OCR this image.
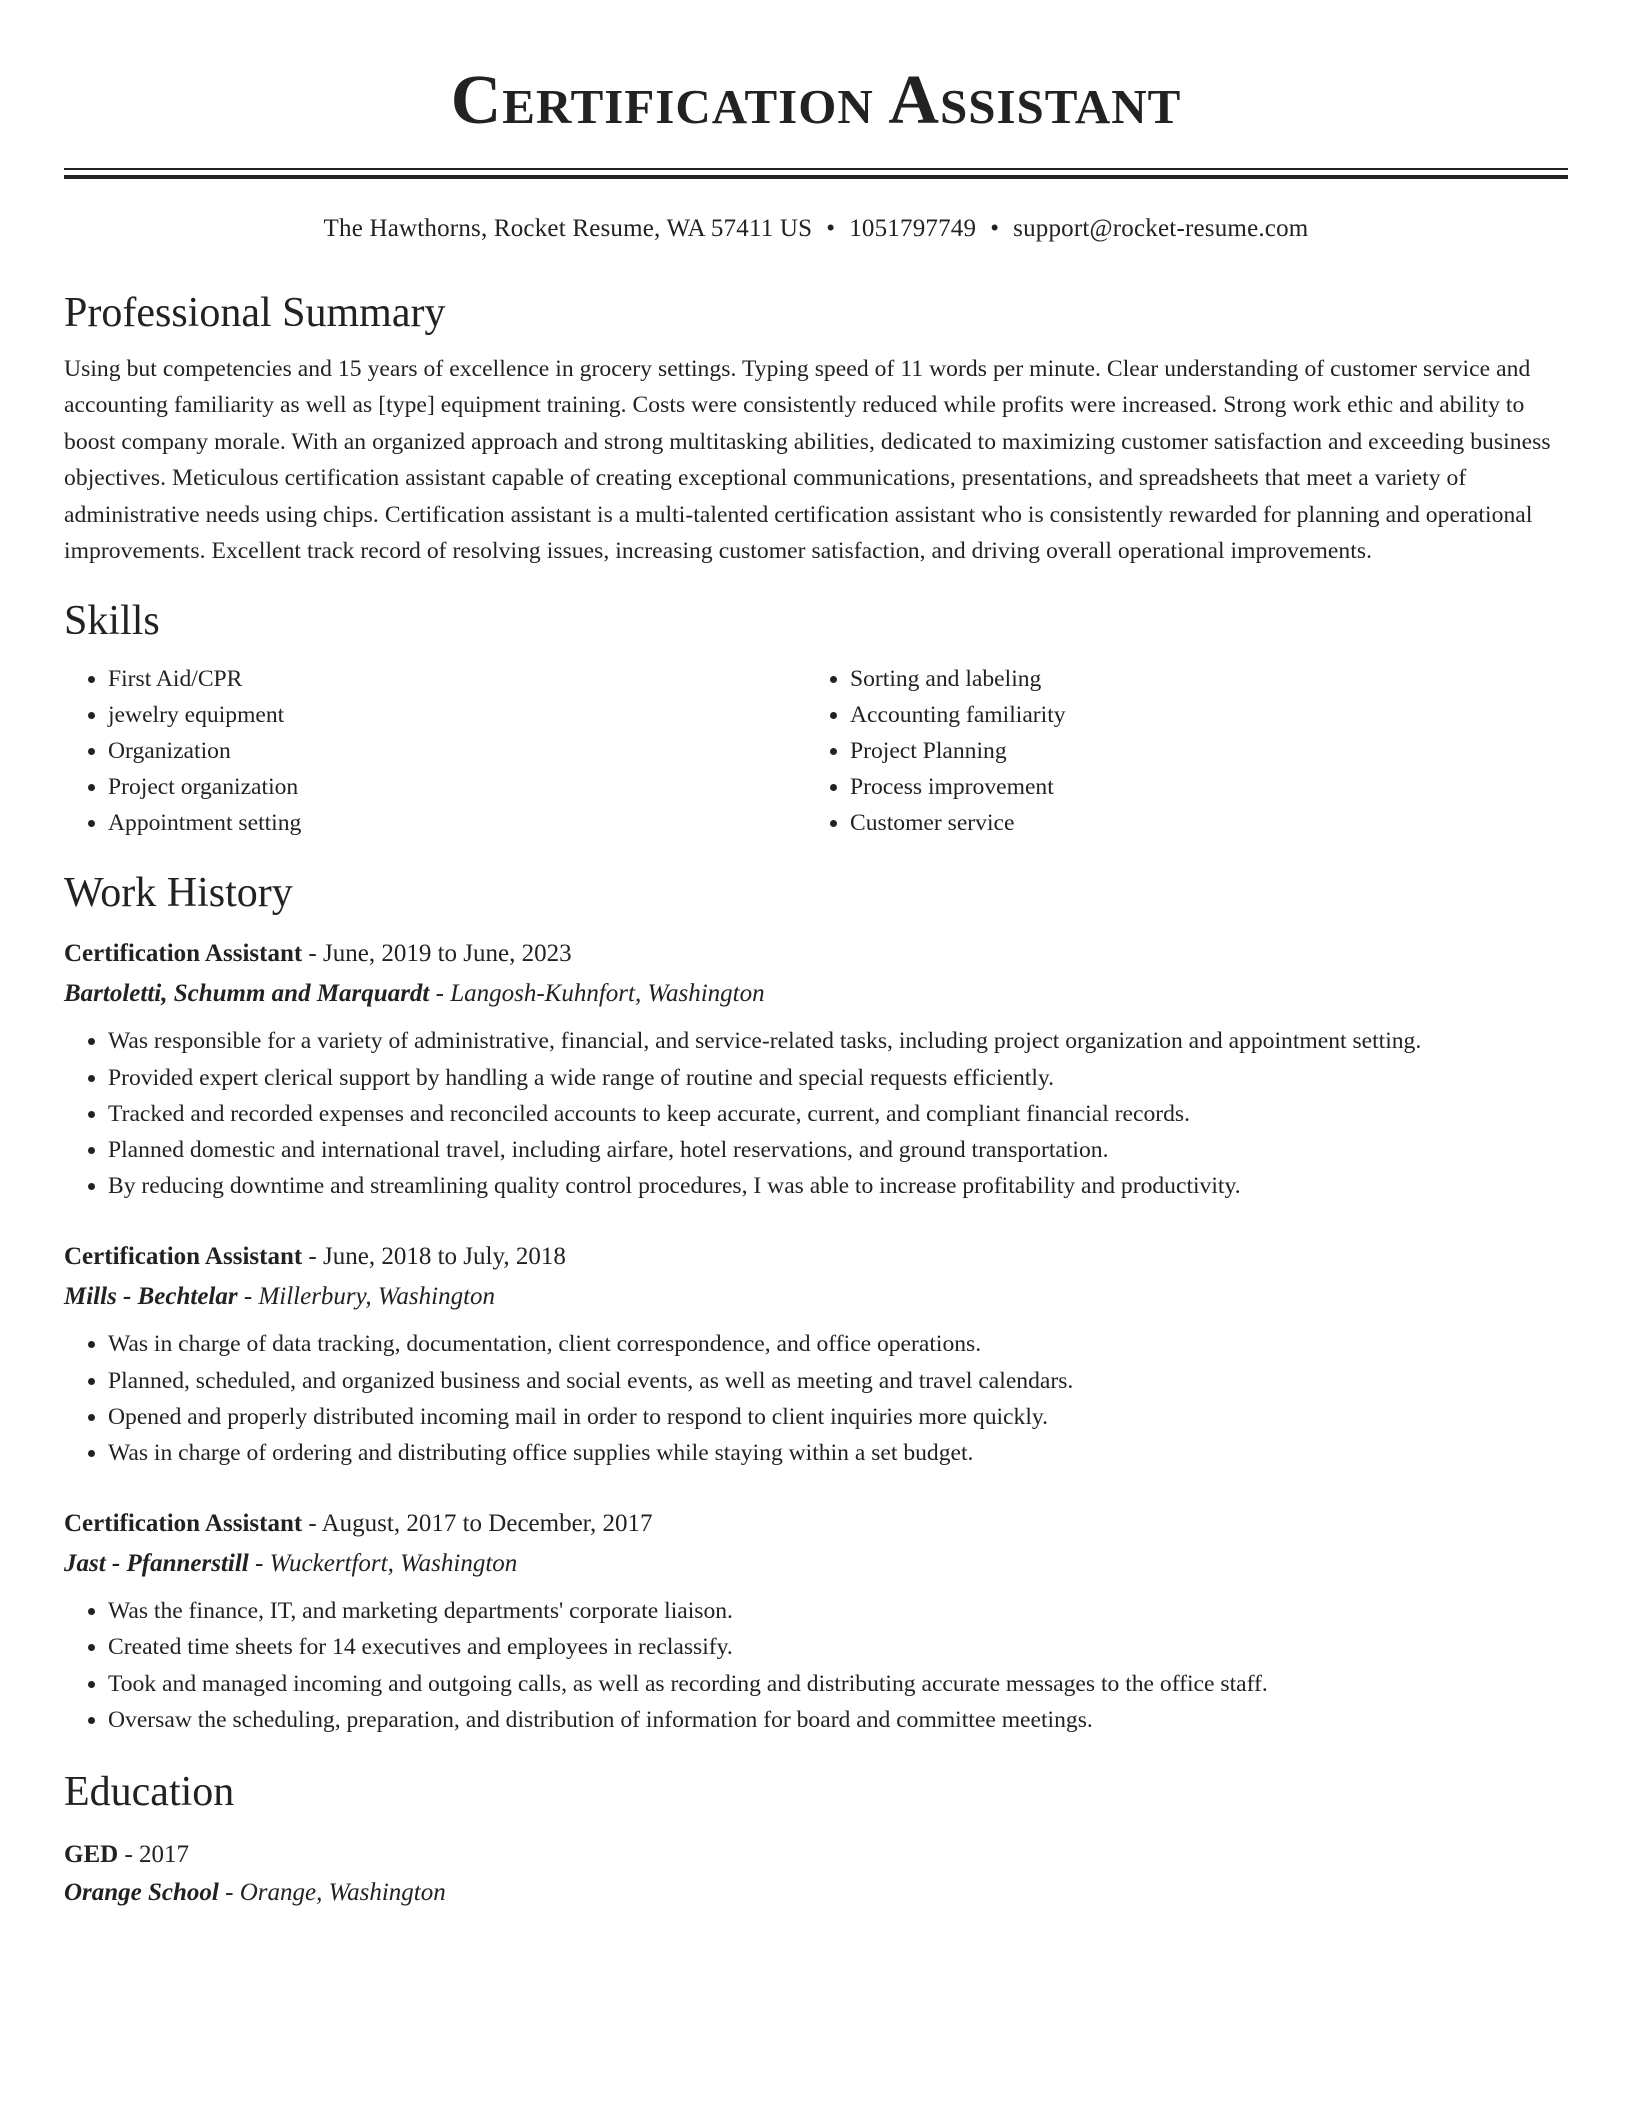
Certification Assistant
The Hawthorns, Rocket Resume, WA 57411 US • 1051797749 • support@rocket-resume.com
Professional Summary
Using but competencies and 15 years of excellence in grocery settings. Typing speed of 11 words per minute. Clear understanding of customer service and accounting familiarity as well as [type] equipment training. Costs were consistently reduced while profits were increased. Strong work ethic and ability to boost company morale. With an organized approach and strong multitasking abilities, dedicated to maximizing customer satisfaction and exceeding business objectives. Meticulous certification assistant capable of creating exceptional communications, presentations, and spreadsheets that meet a variety of administrative needs using chips. Certification assistant is a multi-talented certification assistant who is consistently rewarded for planning and operational improvements. Excellent track record of resolving issues, increasing customer satisfaction, and driving overall operational improvements.
Skills
• First Aid/CPR
• jewelry equipment
• Organization
• Project organization
• Appointment setting
• Sorting and labeling
• Accounting familiarity
• Project Planning
• Process improvement
• Customer service
Work History
Certification Assistant - June, 2019 to June, 2023
Bartoletti, Schumm and Marquardt - Langosh-Kuhnfort, Washington
• Was responsible for a variety of administrative, financial, and service-related tasks, including project organization and appointment setting.
• Provided expert clerical support by handling a wide range of routine and special requests efficiently.
• Tracked and recorded expenses and reconciled accounts to keep accurate, current, and compliant financial records.
• Planned domestic and international travel, including airfare, hotel reservations, and ground transportation.
• By reducing downtime and streamlining quality control procedures, I was able to increase profitability and productivity.
Certification Assistant - June, 2018 to July, 2018
Mills - Bechtelar - Millerbury, Washington
• Was in charge of data tracking, documentation, client correspondence, and office operations.
• Planned, scheduled, and organized business and social events, as well as meeting and travel calendars.
• Opened and properly distributed incoming mail in order to respond to client inquiries more quickly.
• Was in charge of ordering and distributing office supplies while staying within a set budget.
Certification Assistant - August, 2017 to December, 2017
Jast - Pfannerstill - Wuckertfort, Washington
• Was the finance, IT, and marketing departments' corporate liaison.
• Created time sheets for 14 executives and employees in reclassify.
• Took and managed incoming and outgoing calls, as well as recording and distributing accurate messages to the office staff.
• Oversaw the scheduling, preparation, and distribution of information for board and committee meetings.
Education
GED - 2017
Orange School - Orange, Washington
